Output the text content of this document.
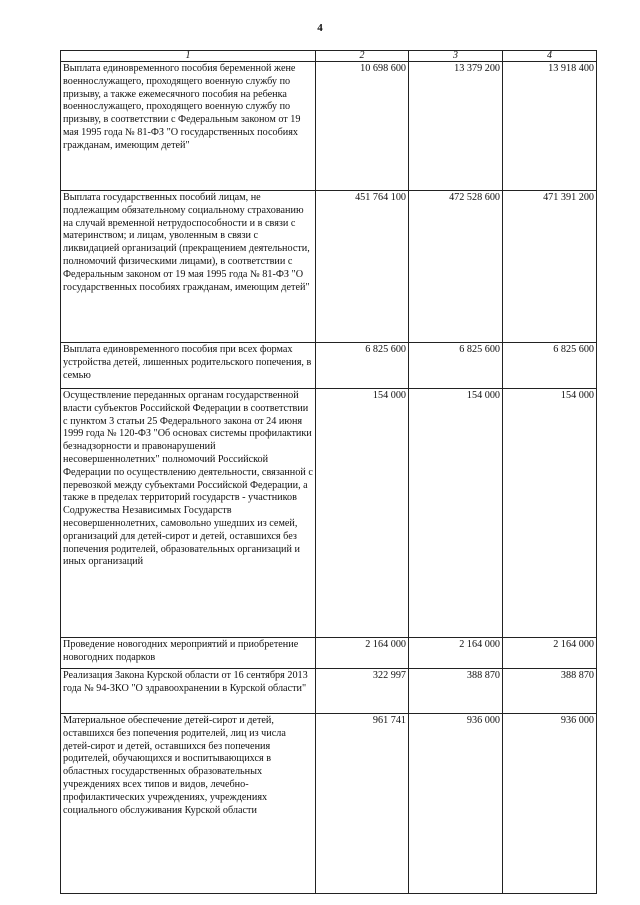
4
1	2	3	4
Выплата единовременного пособия беременной жене военнослужащего, проходящего военную службу по призыву, а также ежемесячного пособия на ребенка военнослужащего, проходящего военную службу по призыву, в соответствии с Федеральным законом от 19 мая 1995 года № 81-ФЗ "О государственных пособиях гражданам, имеющим детей"	10 698 600	13 379 200	13 918 400
Выплата государственных пособий лицам, не подлежащим обязательному социальному страхованию на случай временной нетрудоспособности и в связи с материнством; и лицам, уволенным в связи с ликвидацией организаций (прекращением деятельности, полномочий физическими лицами), в соответствии с Федеральным законом от 19 мая 1995 года № 81-ФЗ "О государственных пособиях гражданам, имеющим детей"	451 764 100	472 528 600	471 391 200
Выплата единовременного пособия при всех формах устройства детей, лишенных родительского попечения, в семью	6 825 600	6 825 600	6 825 600
Осуществление переданных органам государственной власти субъектов Российской Федерации в соответствии с пунктом 3 статьи 25 Федерального закона от 24 июня 1999 года № 120-ФЗ "Об основах системы профилактики безнадзорности и правонарушений несовершеннолетних" полномочий Российской Федерации по осуществлению деятельности, связанной с перевозкой между субъектами Российской Федерации, а также в пределах территорий государств - участников Содружества Независимых Государств несовершеннолетних, самовольно ушедших из семей, организаций для детей-сирот и детей, оставшихся без попечения родителей, образовательных организаций и иных организаций	154 000	154 000	154 000
Проведение новогодних мероприятий и приобретение новогодних подарков	2 164 000	2 164 000	2 164 000
Реализация Закона Курской области от 16 сентября 2013 года № 94-ЗКО "О здравоохранении в Курской области"	322 997	388 870	388 870
Материальное обеспечение детей-сирот и детей, оставшихся без попечения родителей, лиц из числа детей-сирот и детей, оставшихся без попечения родителей, обучающихся и воспитывающихся в областных государственных образовательных учреждениях всех типов и видов, лечебно-профилактических учреждениях, учреждениях социального обслуживания Курской области	961 741	936 000	936 000
